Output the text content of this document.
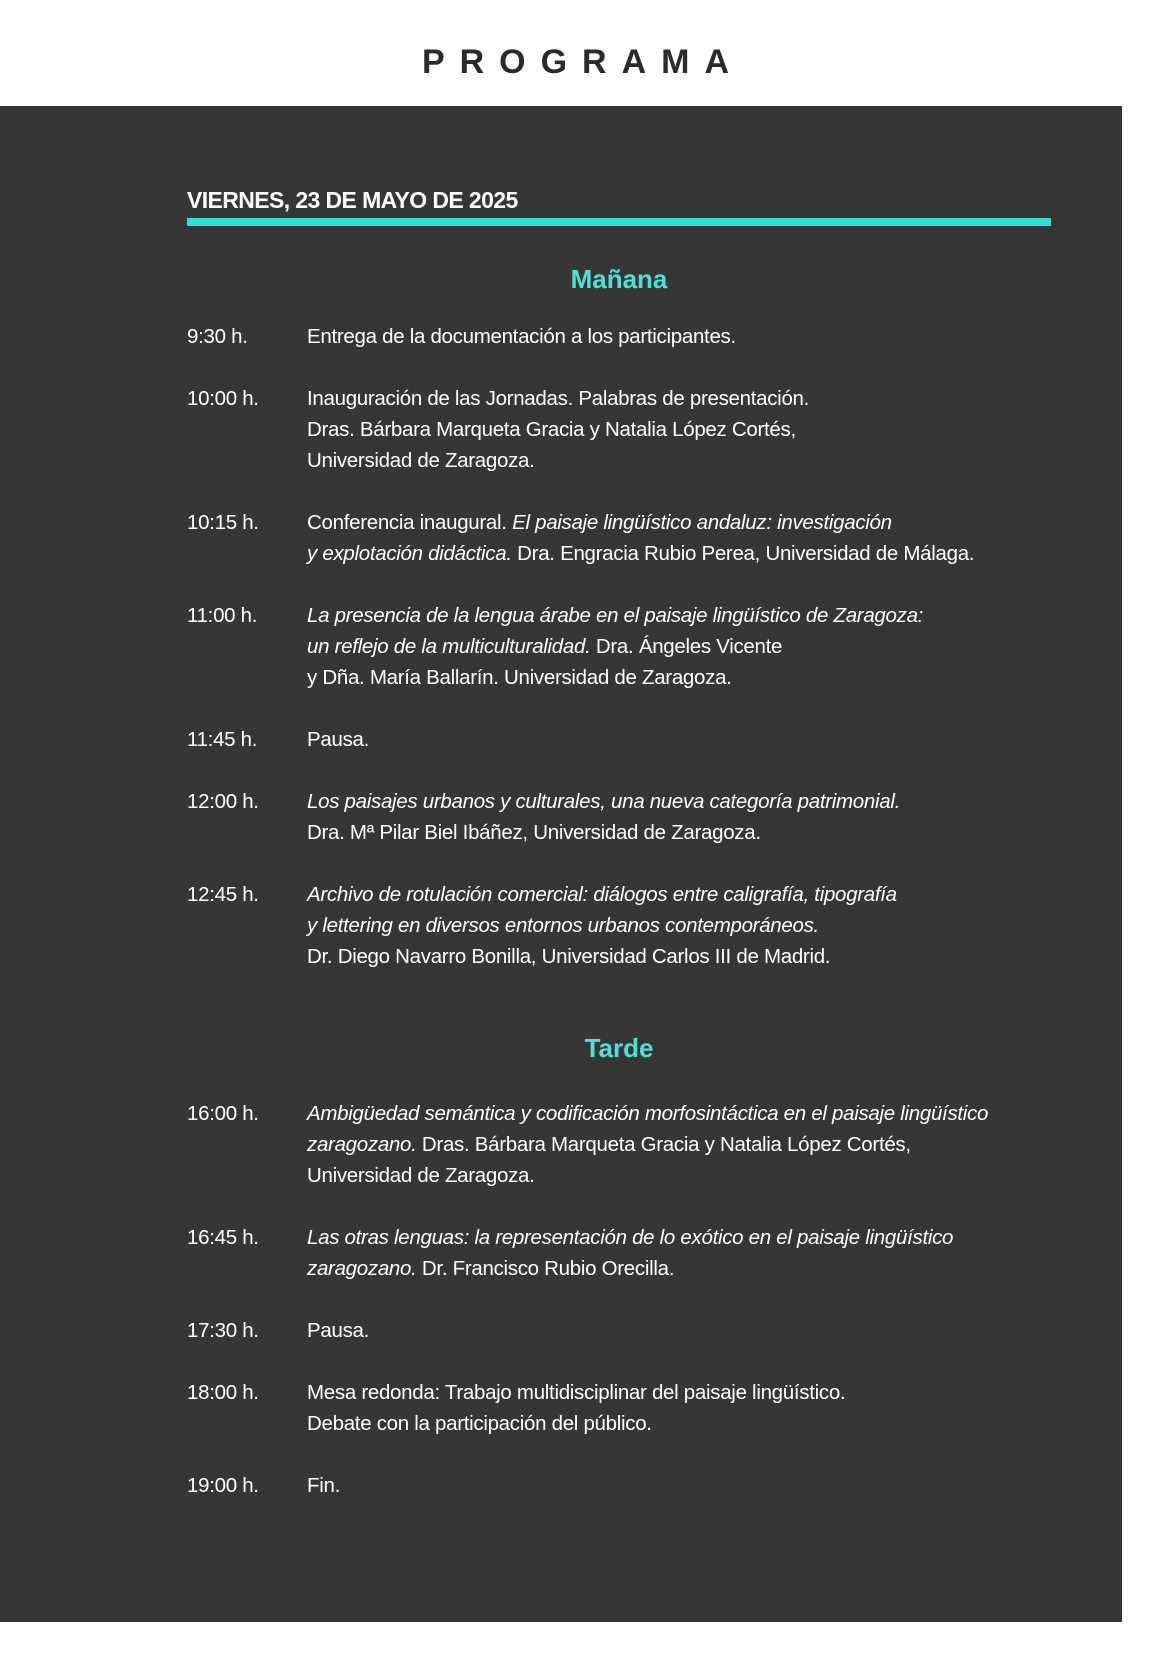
PROGRAMA
VIERNES, 23 DE MAYO DE 2025
Mañana
Tarde
9:30 h.	Entrega de la documentación a los participantes.
10:00 h.	Inauguración de las Jornadas. Palabras de presentación.
Dras. Bárbara Marqueta Gracia y Natalia López Cortés,
Universidad de Zaragoza.
10:15 h.	Conferencia inaugural. El paisaje lingüístico andaluz: investigación
y explotación didáctica. Dra. Engracia Rubio Perea, Universidad de Málaga.
11:00 h.	La presencia de la lengua árabe en el paisaje lingüístico de Zaragoza:
un reflejo de la multiculturalidad. Dra. Ángeles Vicente
y Dña. María Ballarín. Universidad de Zaragoza.
11:45 h.	Pausa.
12:00 h.	Los paisajes urbanos y culturales, una nueva categoría patrimonial.
Dra. Mª Pilar Biel Ibáñez, Universidad de Zaragoza.
12:45 h.	Archivo de rotulación comercial: diálogos entre caligrafía, tipografía
y lettering en diversos entornos urbanos contemporáneos.
Dr. Diego Navarro Bonilla, Universidad Carlos III de Madrid.
16:00 h.	Ambigüedad semántica y codificación morfosintáctica en el paisaje lingüístico
zaragozano. Dras. Bárbara Marqueta Gracia y Natalia López Cortés,
Universidad de Zaragoza.
16:45 h.	Las otras lenguas: la representación de lo exótico en el paisaje lingüístico
zaragozano. Dr. Francisco Rubio Orecilla.
17:30 h.	Pausa.
18:00 h.	Mesa redonda: Trabajo multidisciplinar del paisaje lingüístico.
Debate con la participación del público.
19:00 h.	Fin.
